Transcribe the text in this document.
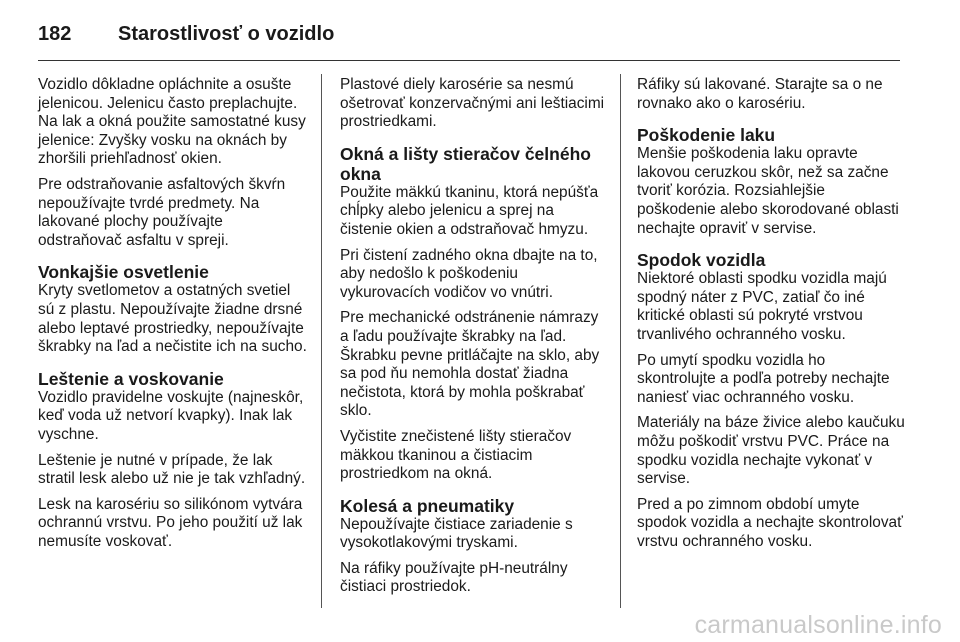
182	Starostlivosť o vozidlo

Vozidlo dôkladne opláchnite a osušte jelenicou. Jelenicu často preplachujte. Na lak a okná použite samostatné kusy jelenice: Zvyšky vosku na oknách by zhoršili priehľadnosť okien.

Pre odstraňovanie asfaltových škvŕn nepoužívajte tvrdé predmety. Na lakované plochy používajte odstraňovač asfaltu v spreji.

Vonkajšie osvetlenie

Kryty svetlometov a ostatných svetiel sú z plastu. Nepoužívajte žiadne drsné alebo leptavé prostriedky, nepoužívajte škrabky na ľad a nečistite ich na sucho.

Leštenie a voskovanie

Vozidlo pravidelne voskujte (najneskôr, keď voda už netvorí kvapky). Inak lak vyschne.

Leštenie je nutné v prípade, že lak stratil lesk alebo už nie je tak vzhľadný.

Lesk na karosériu so silikónom vytvára ochrannú vrstvu. Po jeho použití už lak nemusíte voskovať.

Plastové diely karosérie sa nesmú ošetrovať konzervačnými ani leštiacimi prostriedkami.

Okná a lišty stieračov čelného okna

Použite mäkkú tkaninu, ktorá nepúšťa chĺpky alebo jelenicu a sprej na čistenie okien a odstraňovač hmyzu.

Pri čistení zadného okna dbajte na to, aby nedošlo k poškodeniu vykurovacích vodičov vo vnútri.

Pre mechanické odstránenie námrazy a ľadu používajte škrabky na ľad. Škrabku pevne pritláčajte na sklo, aby sa pod ňu nemohla dostať žiadna nečistota, ktorá by mohla poškrabať sklo.

Vyčistite znečistené lišty stieračov mäkkou tkaninou a čistiacim prostriedkom na okná.

Kolesá a pneumatiky

Nepoužívajte čistiace zariadenie s vysokotlakovými tryskami.

Na ráfiky používajte pH-neutrálny čistiaci prostriedok.

Ráfiky sú lakované. Starajte sa o ne rovnako ako o karosériu.

Poškodenie laku

Menšie poškodenia laku opravte lakovou ceruzkou skôr, než sa začne tvoriť korózia. Rozsiahlejšie poškodenie alebo skorodované oblasti nechajte opraviť v servise.

Spodok vozidla

Niektoré oblasti spodku vozidla majú spodný náter z PVC, zatiaľ čo iné kritické oblasti sú pokryté vrstvou trvanlivého ochranného vosku.

Po umytí spodku vozidla ho skontrolujte a podľa potreby nechajte naniesť viac ochranného vosku.

Materiály na báze živice alebo kaučuku môžu poškodiť vrstvu PVC. Práce na spodku vozidla nechajte vykonať v servise.

Pred a po zimnom období umyte spodok vozidla a nechajte skontrolovať vrstvu ochranného vosku.

carmanualsonline.info
